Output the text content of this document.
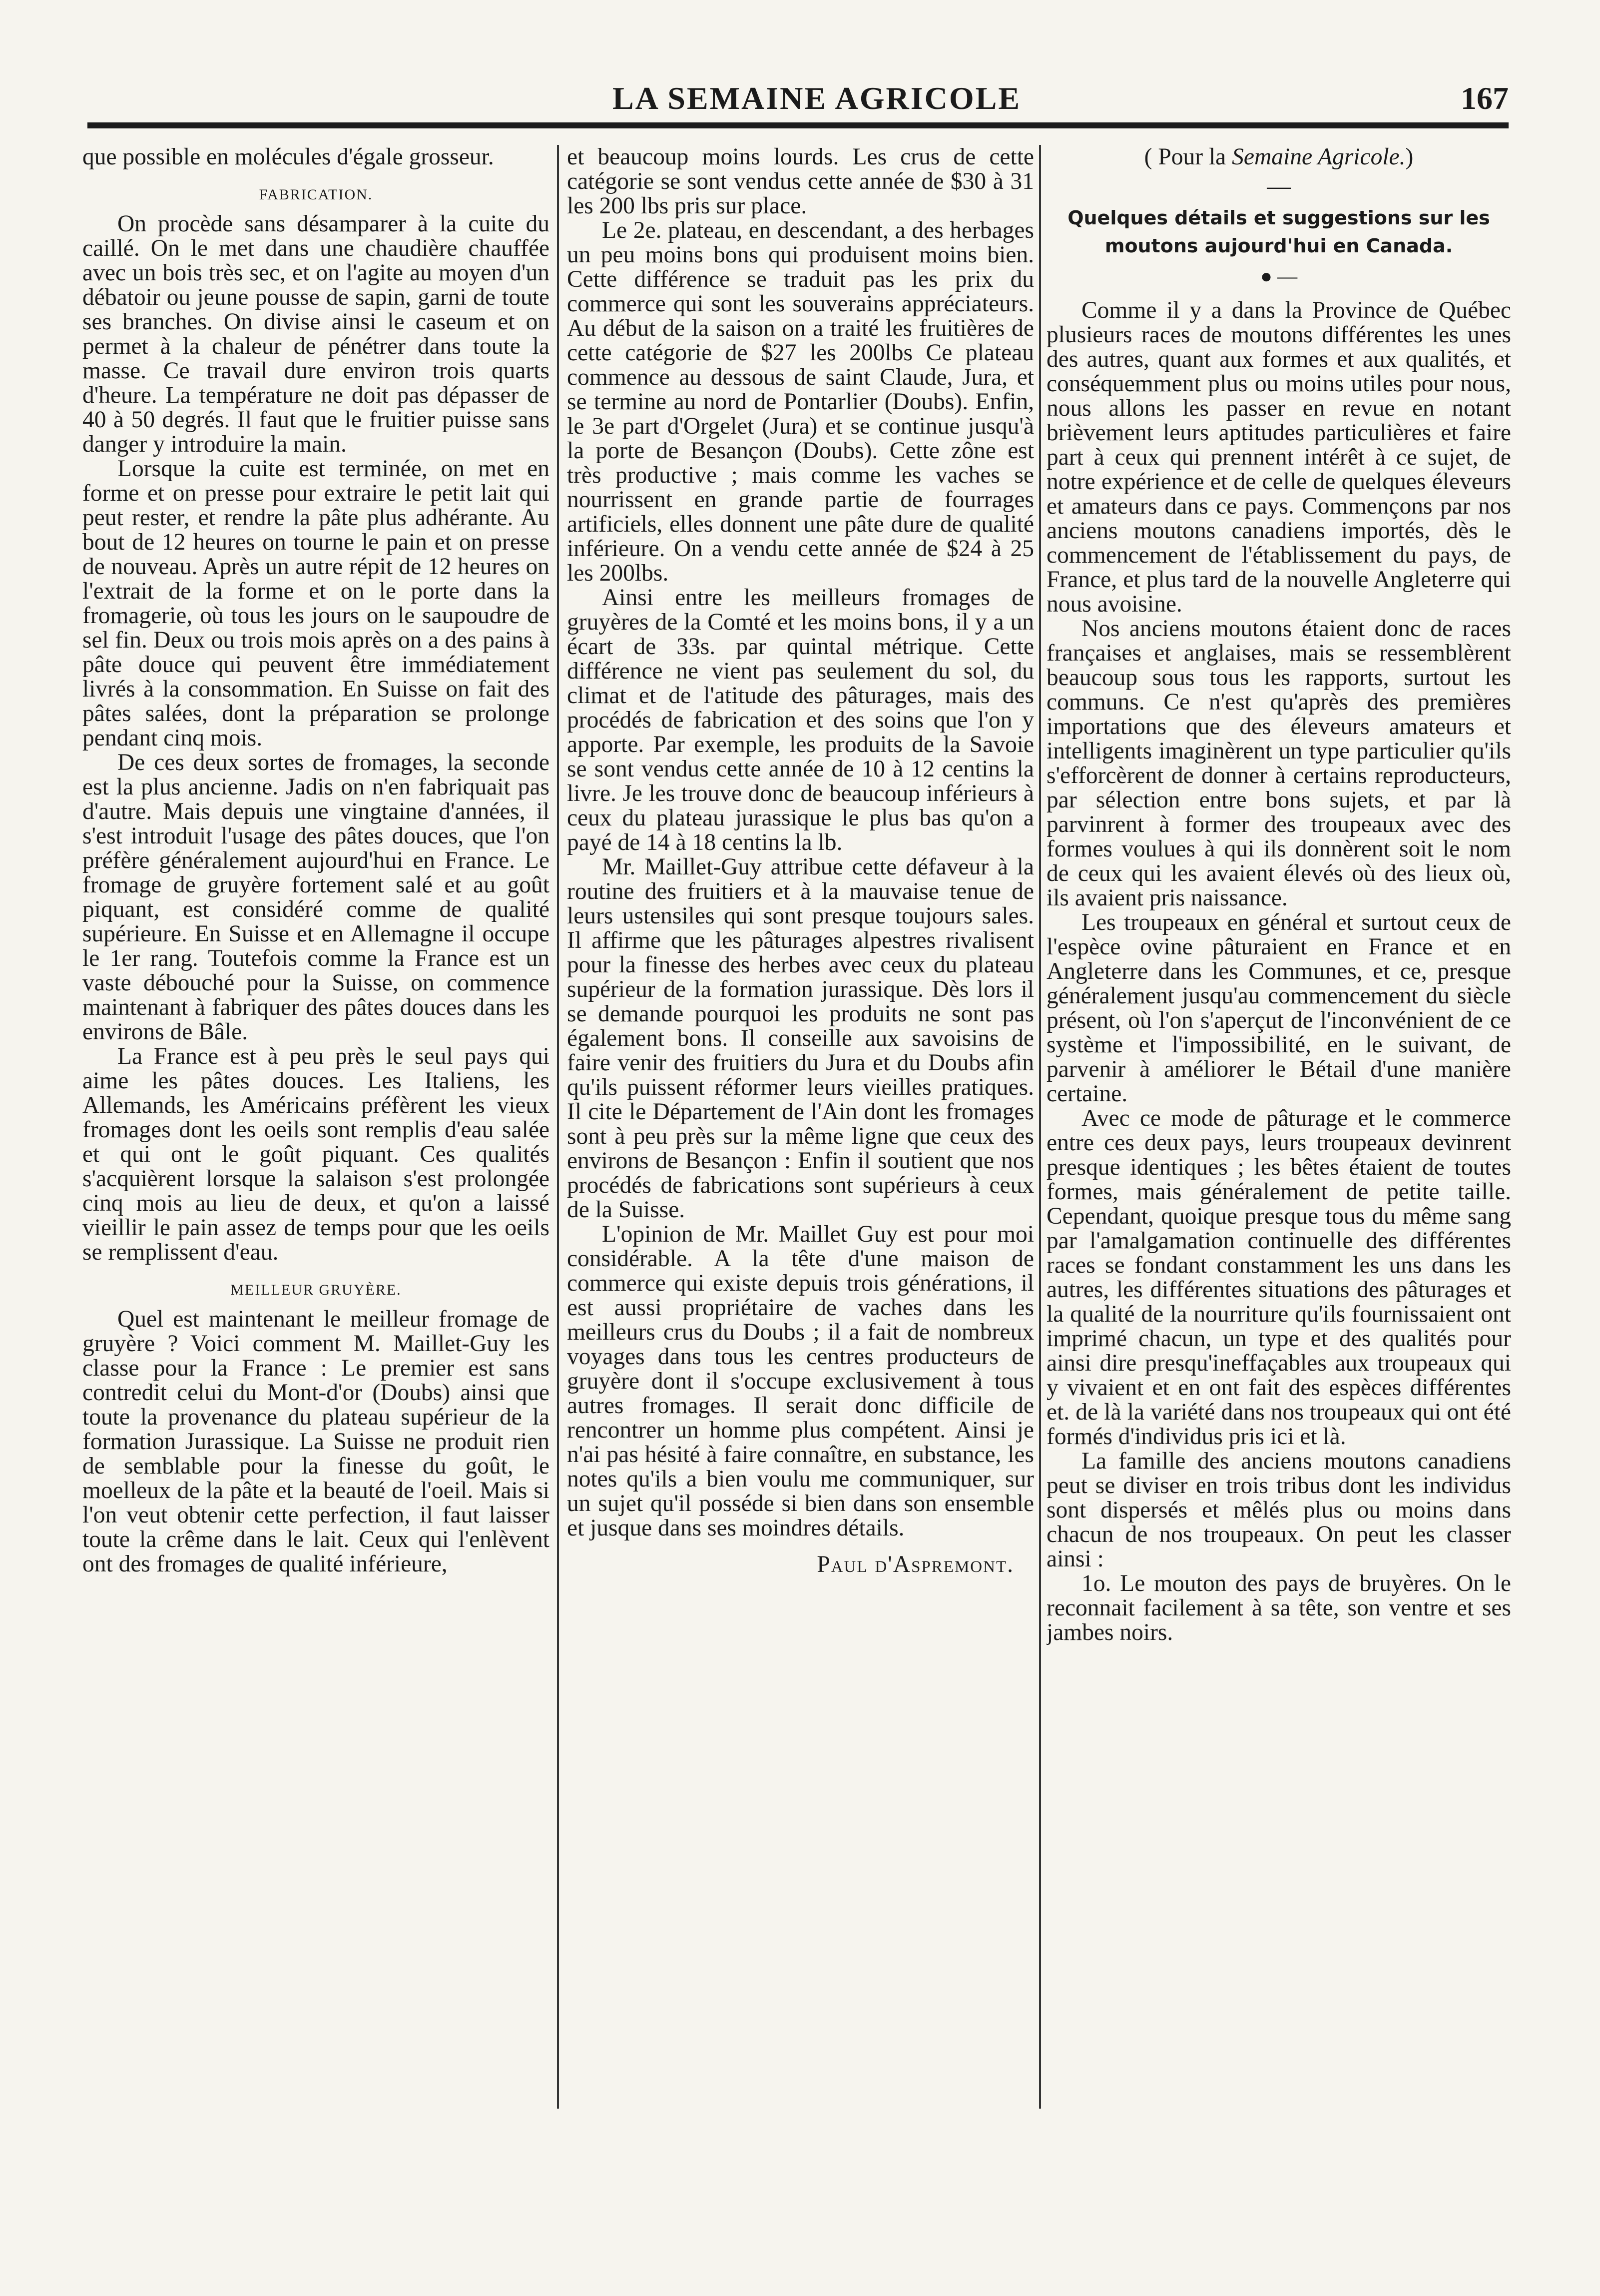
LA SEMAINE AGRICOLE	167

que possible en molécules d'égale grosseur.

FABRICATION.

On procède sans désamparer à la cuite du caillé. On le met dans une chaudière chauffée avec un bois très sec, et on l'agite au moyen d'un débatoir ou jeune pousse de sapin, garni de toute ses branches. On divise ainsi le caseum et on permet à la chaleur de pénétrer dans toute la masse. Ce travail dure environ trois quarts d'heure. La température ne doit pas dépasser de 40 à 50 degrés. Il faut que le fruitier puisse sans danger y introduire la main.

Lorsque la cuite est terminée, on met en forme et on presse pour extraire le petit lait qui peut rester, et rendre la pâte plus adhérante. Au bout de 12 heures on tourne le pain et on presse de nouveau. Après un autre répit de 12 heures on l'extrait de la forme et on le porte dans la fromagerie, où tous les jours on le saupoudre de sel fin. Deux ou trois mois après on a des pains à pâte douce qui peuvent être immédiatement livrés à la consommation. En Suisse on fait des pâtes salées, dont la préparation se prolonge pendant cinq mois.

De ces deux sortes de fromages, la seconde est la plus ancienne. Jadis on n'en fabriquait pas d'autre. Mais depuis une vingtaine d'années, il s'est introduit l'usage des pâtes douces, que l'on préfère généralement aujourd'hui en France. Le fromage de gruyère fortement salé et au goût piquant, est considéré comme de qualité supérieure. En Suisse et en Allemagne il occupe le 1er rang. Toutefois comme la France est un vaste débouché pour la Suisse, on commence maintenant à fabriquer des pâtes douces dans les environs de Bâle.

La France est à peu près le seul pays qui aime les pâtes douces. Les Italiens, les Allemands, les Américains préfèrent les vieux fromages dont les oeils sont remplis d'eau salée et qui ont le goût piquant. Ces qualités s'acquièrent lorsque la salaison s'est prolongée cinq mois au lieu de deux, et qu'on a laissé vieillir le pain assez de temps pour que les oeils se remplissent d'eau.

MEILLEUR GRUYÈRE.

Quel est maintenant le meilleur fromage de gruyère ? Voici comment M. Maillet-Guy les classe pour la France : Le premier est sans contredit celui du Mont-d'or (Doubs) ainsi que toute la provenance du plateau supérieur de la formation Jurassique. La Suisse ne produit rien de semblable pour la finesse du goût, le moelleux de la pâte et la beauté de l'oeil. Mais si l'on veut obtenir cette perfection, il faut laisser toute la crême dans le lait. Ceux qui l'enlèvent ont des fromages de qualité inférieure,

et beaucoup moins lourds. Les crus de cette catégorie se sont vendus cette année de $30 à 31 les 200 lbs pris sur place.

Le 2e. plateau, en descendant, a des herbages un peu moins bons qui produisent moins bien. Cette différence se traduit pas les prix du commerce qui sont les souverains appréciateurs. Au début de la saison on a traité les fruitières de cette catégorie de $27 les 200lbs Ce plateau commence au dessous de saint Claude, Jura, et se termine au nord de Pontarlier (Doubs). Enfin, le 3e part d'Orgelet (Jura) et se continue jusqu'à la porte de Besançon (Doubs). Cette zône est très productive ; mais comme les vaches se nourrissent en grande partie de fourrages artificiels, elles donnent une pâte dure de qualité inférieure. On a vendu cette année de $24 à 25 les 200lbs.

Ainsi entre les meilleurs fromages de gruyères de la Comté et les moins bons, il y a un écart de 33s. par quintal métrique. Cette différence ne vient pas seulement du sol, du climat et de l'atitude des pâturages, mais des procédés de fabrication et des soins que l'on y apporte. Par exemple, les produits de la Savoie se sont vendus cette année de 10 à 12 centins la livre. Je les trouve donc de beaucoup inférieurs à ceux du plateau jurassique le plus bas qu'on a payé de 14 à 18 centins la lb.

Mr. Maillet-Guy attribue cette défaveur à la routine des fruitiers et à la mauvaise tenue de leurs ustensiles qui sont presque toujours sales. Il affirme que les pâturages alpestres rivalisent pour la finesse des herbes avec ceux du plateau supérieur de la formation jurassique. Dès lors il se demande pourquoi les produits ne sont pas également bons. Il conseille aux savoisins de faire venir des fruitiers du Jura et du Doubs afin qu'ils puissent réformer leurs vieilles pratiques. Il cite le Département de l'Ain dont les fromages sont à peu près sur la même ligne que ceux des environs de Besançon : Enfin il soutient que nos procédés de fabrications sont supérieurs à ceux de la Suisse.

L'opinion de Mr. Maillet Guy est pour moi considérable. A la tête d'une maison de commerce qui existe depuis trois générations, il est aussi propriétaire de vaches dans les meilleurs crus du Doubs ; il a fait de nombreux voyages dans tous les centres producteurs de gruyère dont il s'occupe exclusivement à tous autres fromages. Il serait donc difficile de rencontrer un homme plus compétent. Ainsi je n'ai pas hésité à faire connaître, en substance, les notes qu'ils a bien voulu me communiquer, sur un sujet qu'il posséde si bien dans son ensemble et jusque dans ses moindres détails.

Paul d'Aspremont.
( Pour la Semaine Agricole.)
—
Quelques détails et suggestions sur les moutons aujourd'hui en Canada.
● —

Comme il y a dans la Province de Québec plusieurs races de moutons différentes les unes des autres, quant aux formes et aux qualités, et conséquemment plus ou moins utiles pour nous, nous allons les passer en revue en notant brièvement leurs aptitudes particulières et faire part à ceux qui prennent intérêt à ce sujet, de notre expérience et de celle de quelques éleveurs et amateurs dans ce pays. Commençons par nos anciens moutons canadiens importés, dès le commencement de l'établissement du pays, de France, et plus tard de la nouvelle Angleterre qui nous avoisine.

Nos anciens moutons étaient donc de races françaises et anglaises, mais se ressemblèrent beaucoup sous tous les rapports, surtout les communs. Ce n'est qu'après des premières importations que des éleveurs amateurs et intelligents imaginèrent un type particulier qu'ils s'efforcèrent de donner à certains reproducteurs, par sélection entre bons sujets, et par là parvinrent à former des troupeaux avec des formes voulues à qui ils donnèrent soit le nom de ceux qui les avaient élevés où des lieux où, ils avaient pris naissance.

Les troupeaux en général et surtout ceux de l'espèce ovine pâturaient en France et en Angleterre dans les Communes, et ce, presque généralement jusqu'au commencement du siècle présent, où l'on s'aperçut de l'inconvénient de ce système et l'impossibilité, en le suivant, de parvenir à améliorer le Bétail d'une manière certaine.

Avec ce mode de pâturage et le commerce entre ces deux pays, leurs troupeaux devinrent presque identiques ; les bêtes étaient de toutes formes, mais généralement de petite taille. Cependant, quoique presque tous du même sang par l'amalgamation continuelle des différentes races se fondant constamment les uns dans les autres, les différentes situations des pâturages et la qualité de la nourriture qu'ils fournissaient ont imprimé chacun, un type et des qualités pour ainsi dire presqu'ineffaçables aux troupeaux qui y vivaient et en ont fait des espèces différentes et. de là la variété dans nos troupeaux qui ont été formés d'individus pris ici et là.

La famille des anciens moutons canadiens peut se diviser en trois tribus dont les individus sont dispersés et mêlés plus ou moins dans chacun de nos troupeaux. On peut les classer ainsi :

1o. Le mouton des pays de bruyères. On le reconnait facilement à sa tête, son ventre et ses jambes noirs.
